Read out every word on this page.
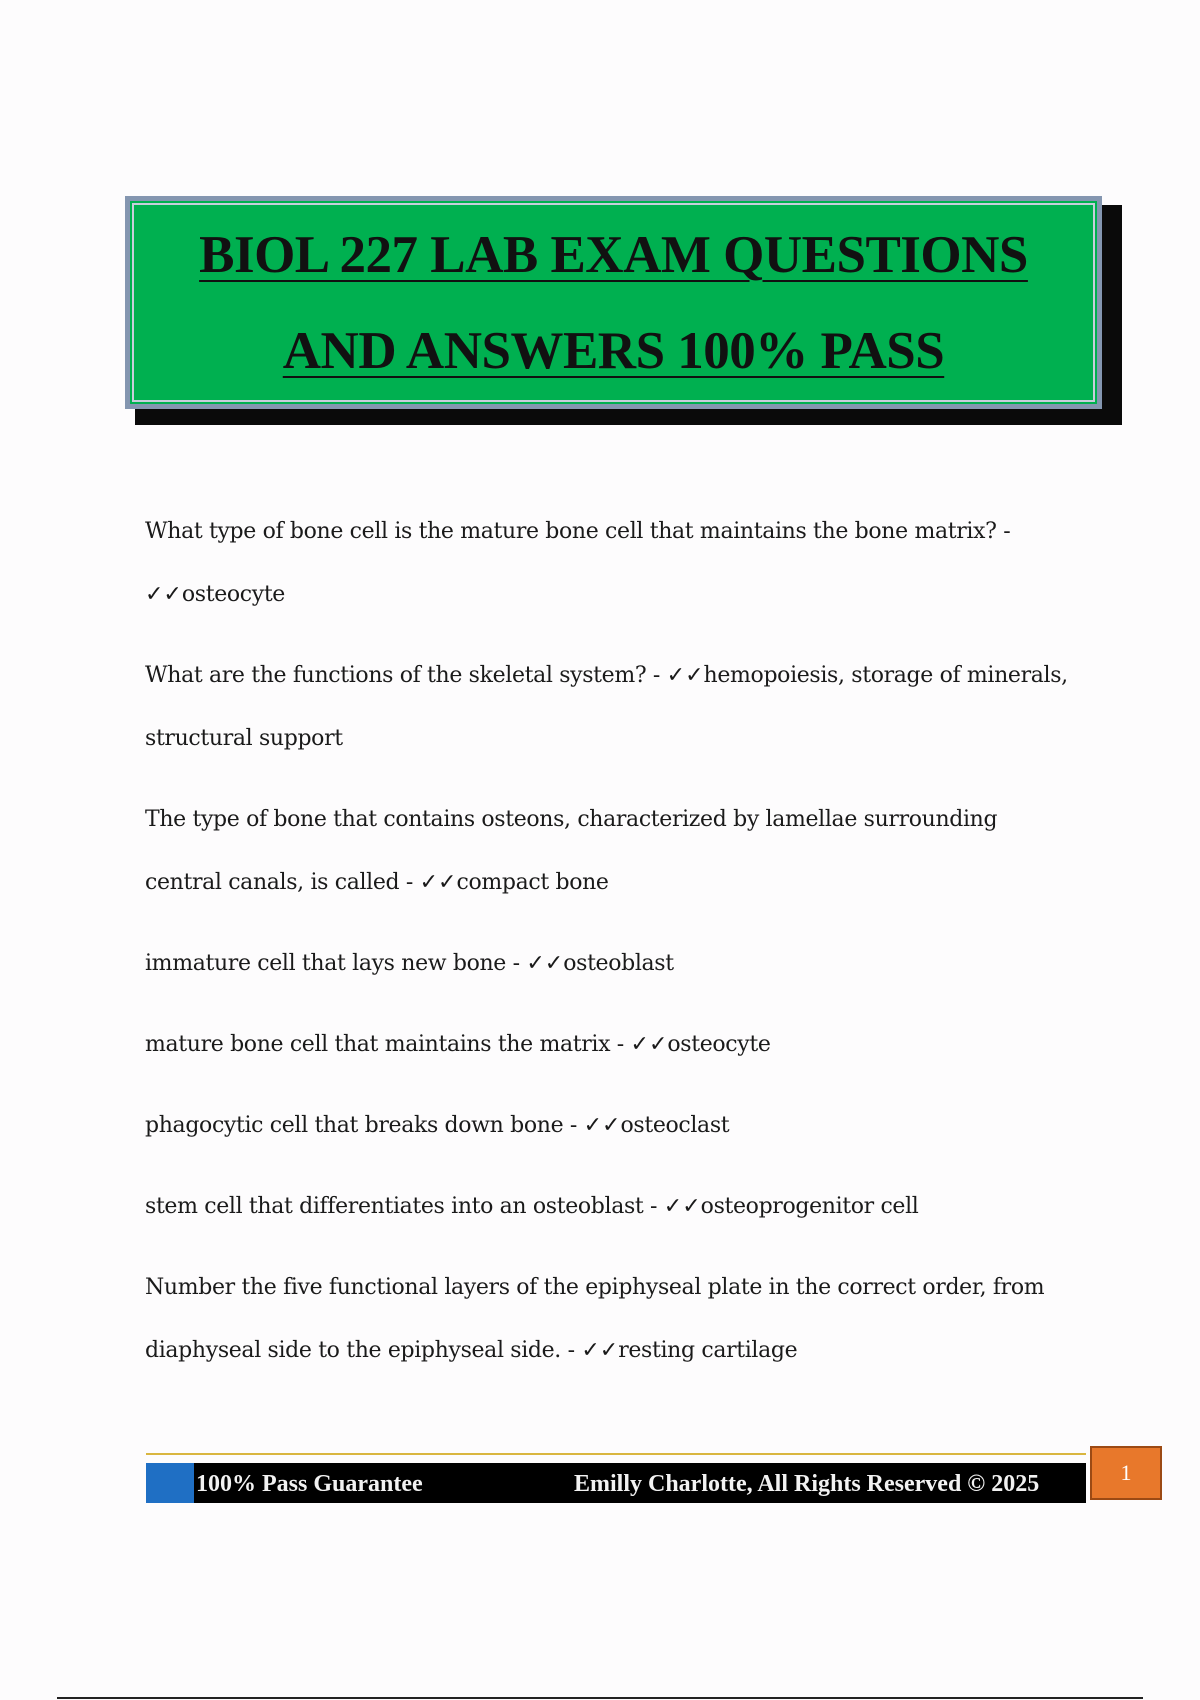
BIOL 227 LAB EXAM QUESTIONS
AND ANSWERS 100% PASS

What type of bone cell is the mature bone cell that maintains the bone matrix? - ✓✓osteocyte

What are the functions of the skeletal system? - ✓✓hemopoiesis, storage of minerals, structural support

The type of bone that contains osteons, characterized by lamellae surrounding central canals, is called - ✓✓compact bone

immature cell that lays new bone - ✓✓osteoblast

mature bone cell that maintains the matrix - ✓✓osteocyte

phagocytic cell that breaks down bone - ✓✓osteoclast

stem cell that differentiates into an osteoblast - ✓✓osteoprogenitor cell

Number the five functional layers of the epiphyseal plate in the correct order, from diaphyseal side to the epiphyseal side. - ✓✓resting cartilage

100% Pass Guarantee	Emilly Charlotte, All Rights Reserved © 2025	1
